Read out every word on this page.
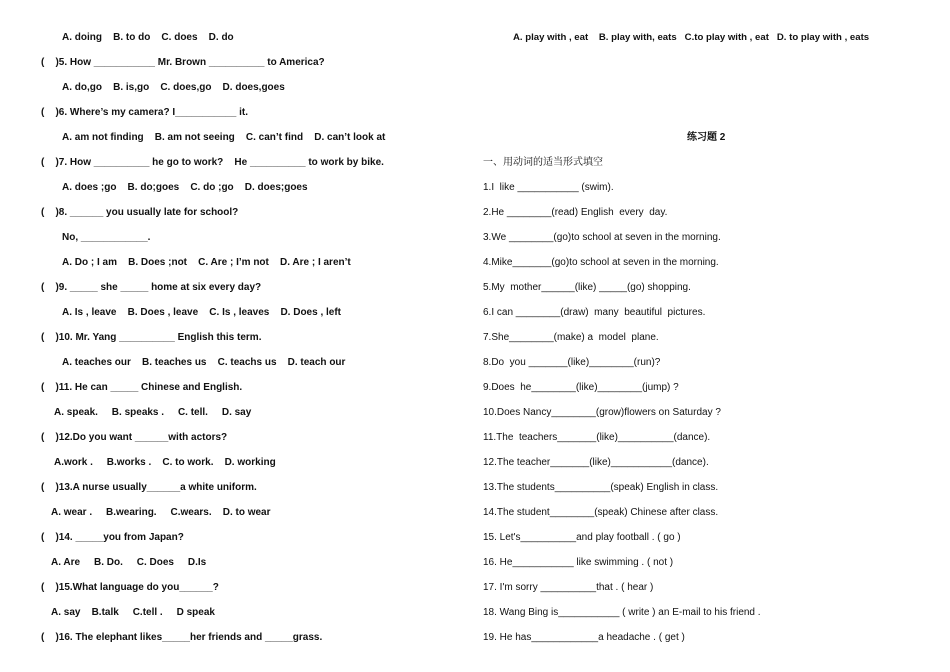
A. doing    B. to do    C. does    D. do
(    )5. How ___________ Mr. Brown __________ to America?
A. do,go    B. is,go    C. does,go    D. does,goes
(    )6. Where’s my camera? I___________ it.
A. am not finding    B. am not seeing    C. can’t find    D. can’t look at
(    )7. How __________ he go to work?    He __________ to work by bike.
A. does ;go    B. do;goes    C. do ;go    D. does;goes
(    )8. ______ you usually late for school?
No, ____________.
A. Do ; I am    B. Does ;not    C. Are ; I’m not    D. Are ; I aren’t
(    )9. _____ she _____ home at six every day?
A. Is , leave    B. Does , leave    C. Is , leaves    D. Does , left
(    )10. Mr. Yang __________ English this term.
A. teaches our    B. teaches us    C. teachs us    D. teach our
(    )11. He can _____ Chinese and English.
A. speak.     B. speaks .     C. tell.     D. say
(    )12.Do you want ______with actors?
A.work .     B.works .    C. to work.    D. working
(    )13.A nurse usually______a white uniform.
A. wear .     B.wearing.     C.wears.    D. to wear
(    )14. _____you from Japan?
A. Are     B. Do.     C. Does     D.Is
(    )15.What language do you______?
A. say    B.talk     C.tell .     D speak
(    )16. The elephant likes_____her friends and _____grass.
A. play with , eat    B. play with, eats   C.to play with , eat   D. to play with , eats
练习题 2
一、用动词的适当形式填空
1.I  like ___________ (swim).
2.He ________(read) English  every  day.
3.We ________(go)to school at seven in the morning.
4.Mike_______(go)to school at seven in the morning.
5.My  mother______(like) _____(go) shopping.
6.I can ________(draw)  many  beautiful  pictures.
7.She________(make) a  model  plane.
8.Do  you _______(like)________(run)?
9.Does  he________(like)________(jump) ?
10.Does Nancy________(grow)flowers on Saturday ?
11.The  teachers_______(like)__________(dance).
12.The teacher_______(like)___________(dance).
13.The students__________(speak) English in class.
14.The student________(speak) Chinese after class.
15. Let's__________and play football . ( go )
16. He___________ like swimming . ( not )
17. I'm sorry __________that . ( hear )
18. Wang Bing is___________ ( write ) an E-mail to his friend .
19. He has____________a headache . ( get )
